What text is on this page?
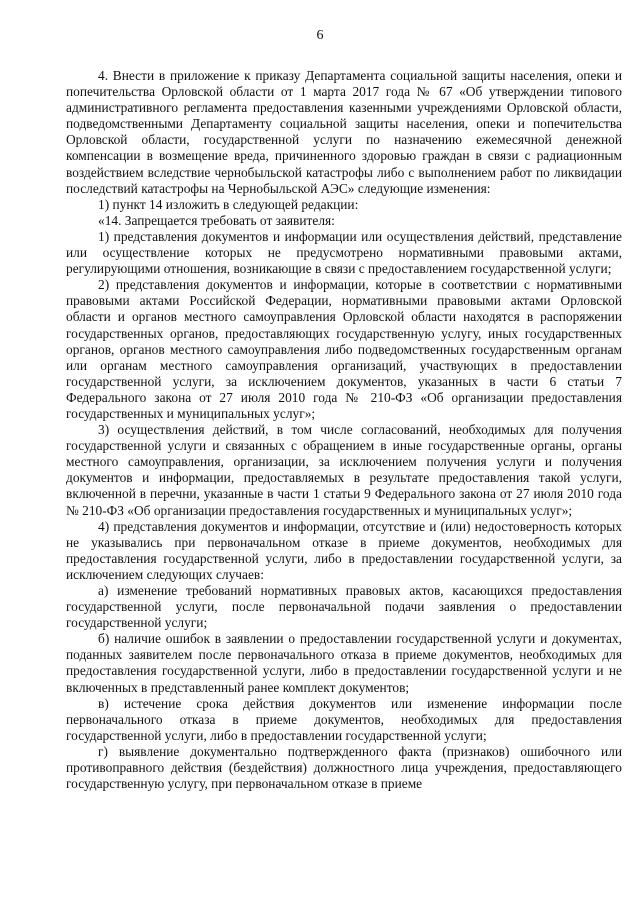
6

4. Внести в приложение к приказу Департамента социальной защиты населения, опеки и попечительства Орловской области от 1 марта 2017 года № 67 «Об утверждении типового административного регламента предоставления казенными учреждениями Орловской области, подведомственными Департаменту социальной защиты населения, опеки и попечительства Орловской области, государственной услуги по назначению ежемесячной денежной компенсации в возмещение вреда, причиненного здоровью граждан в связи с радиационным воздействием вследствие чернобыльской катастрофы либо с выполнением работ по ликвидации последствий катастрофы на Чернобыльской АЭС» следующие изменения:

1) пункт 14 изложить в следующей редакции:

«14. Запрещается требовать от заявителя:

1) представления документов и информации или осуществления действий, представление или осуществление которых не предусмотрено нормативными правовыми актами, регулирующими отношения, возникающие в связи с предоставлением государственной услуги;

2) представления документов и информации, которые в соответствии с нормативными правовыми актами Российской Федерации, нормативными правовыми актами Орловской области и органов местного самоуправления Орловской области находятся в распоряжении государственных органов, предоставляющих государственную услугу, иных государственных органов, органов местного самоуправления либо подведомственных государственным органам или органам местного самоуправления организаций, участвующих в предоставлении государственной услуги, за исключением документов, указанных в части 6 статьи 7 Федерального закона от 27 июля 2010 года № 210-ФЗ «Об организации предоставления государственных и муниципальных услуг»;

3) осуществления действий, в том числе согласований, необходимых для получения государственной услуги и связанных с обращением в иные государственные органы, органы местного самоуправления, организации, за исключением получения услуги и получения документов и информации, предоставляемых в результате предоставления такой услуги, включенной в перечни, указанные в части 1 статьи 9 Федерального закона от 27 июля 2010 года № 210-ФЗ «Об организации предоставления государственных и муниципальных услуг»;

4) представления документов и информации, отсутствие и (или) недостоверность которых не указывались при первоначальном отказе в приеме документов, необходимых для предоставления государственной услуги, либо в предоставлении государственной услуги, за исключением следующих случаев:

а) изменение требований нормативных правовых актов, касающихся предоставления государственной услуги, после первоначальной подачи заявления о предоставлении государственной услуги;

б) наличие ошибок в заявлении о предоставлении государственной услуги и документах, поданных заявителем после первоначального отказа в приеме документов, необходимых для предоставления государственной услуги, либо в предоставлении государственной услуги и не включенных в представленный ранее комплект документов;

в) истечение срока действия документов или изменение информации после первоначального отказа в приеме документов, необходимых для предоставления государственной услуги, либо в предоставлении государственной услуги;

г) выявление документально подтвержденного факта (признаков) ошибочного или противоправного действия (бездействия) должностного лица учреждения, предоставляющего государственную услугу, при первоначальном отказе в приеме
